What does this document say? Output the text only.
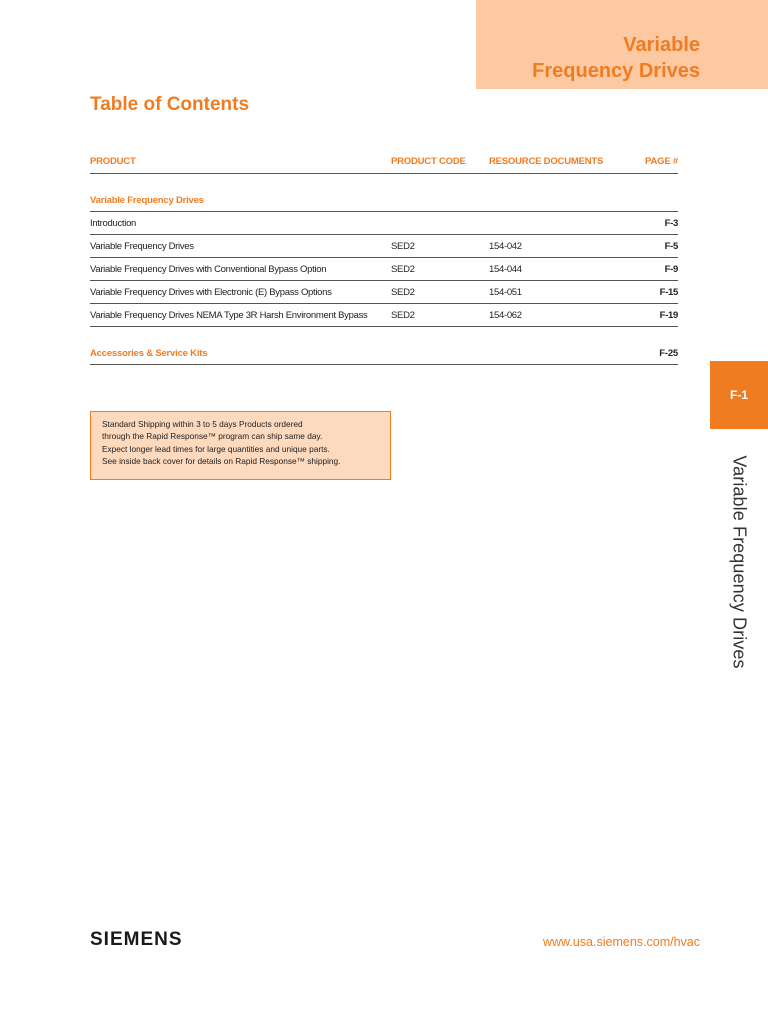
Variable
Frequency Drives
Table of Contents
PRODUCT	PRODUCT CODE	RESOURCE DOCUMENTS	PAGE #
Variable Frequency Drives
Introduction	F-3
Variable Frequency Drives	SED2	154-042	F-5
Variable Frequency Drives with Conventional Bypass Option	SED2	154-044	F-9
Variable Frequency Drives with Electronic (E) Bypass Options	SED2	154-051	F-15
Variable Frequency Drives NEMA Type 3R Harsh Environment Bypass	SED2	154-062	F-19
Accessories & Service Kits	F-25
Standard Shipping within 3 to 5 days Products ordered
through the Rapid Response™ program can ship same day.
Expect longer lead times for large quantities and unique parts.
See inside back cover for details on Rapid Response™ shipping.
F-1
Variable Frequency Drives
SIEMENS	www.usa.siemens.com/hvac
